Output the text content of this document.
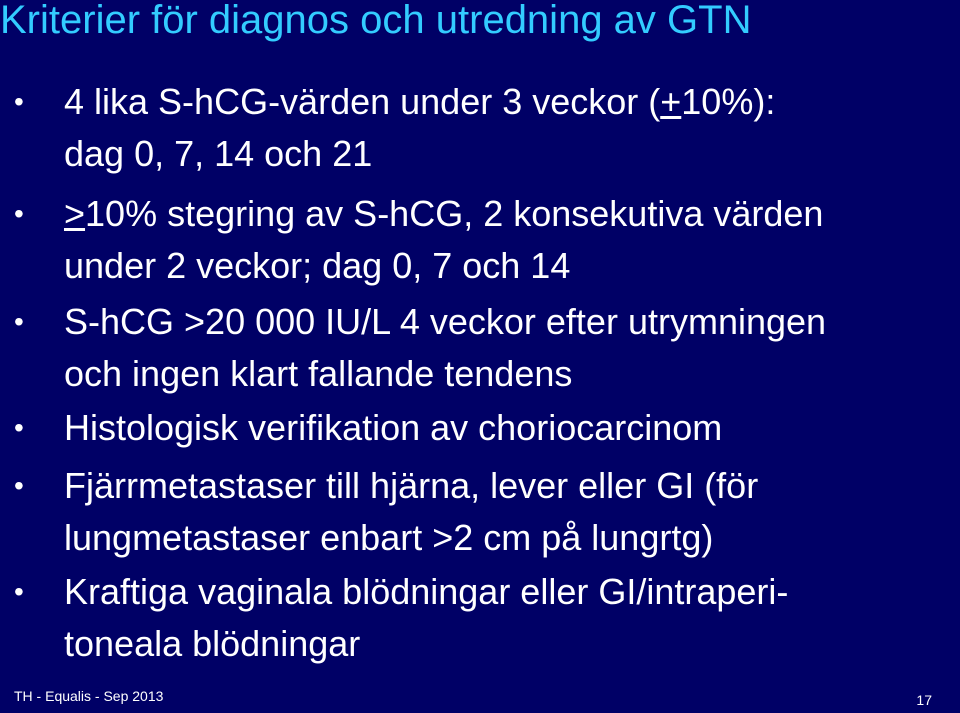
Kriterier för diagnos och utredning av GTN
•	4 lika S-hCG-värden under 3 veckor (+10%):
dag 0, 7, 14 och 21
•	≥10% stegring av S-hCG, 2 konsekutiva värden
under 2 veckor; dag 0, 7 och 14
•	S-hCG >20 000 IU/L 4 veckor efter utrymningen
och ingen klart fallande tendens
•	Histologisk verifikation av choriocarcinom
•	Fjärrmetastaser till hjärna, lever eller GI (för
lungmetastaser enbart >2 cm på lungrtg)
•	Kraftiga vaginala blödningar eller GI/intraperi-
toneala blödningar
TH - Equalis - Sep 2013	17
